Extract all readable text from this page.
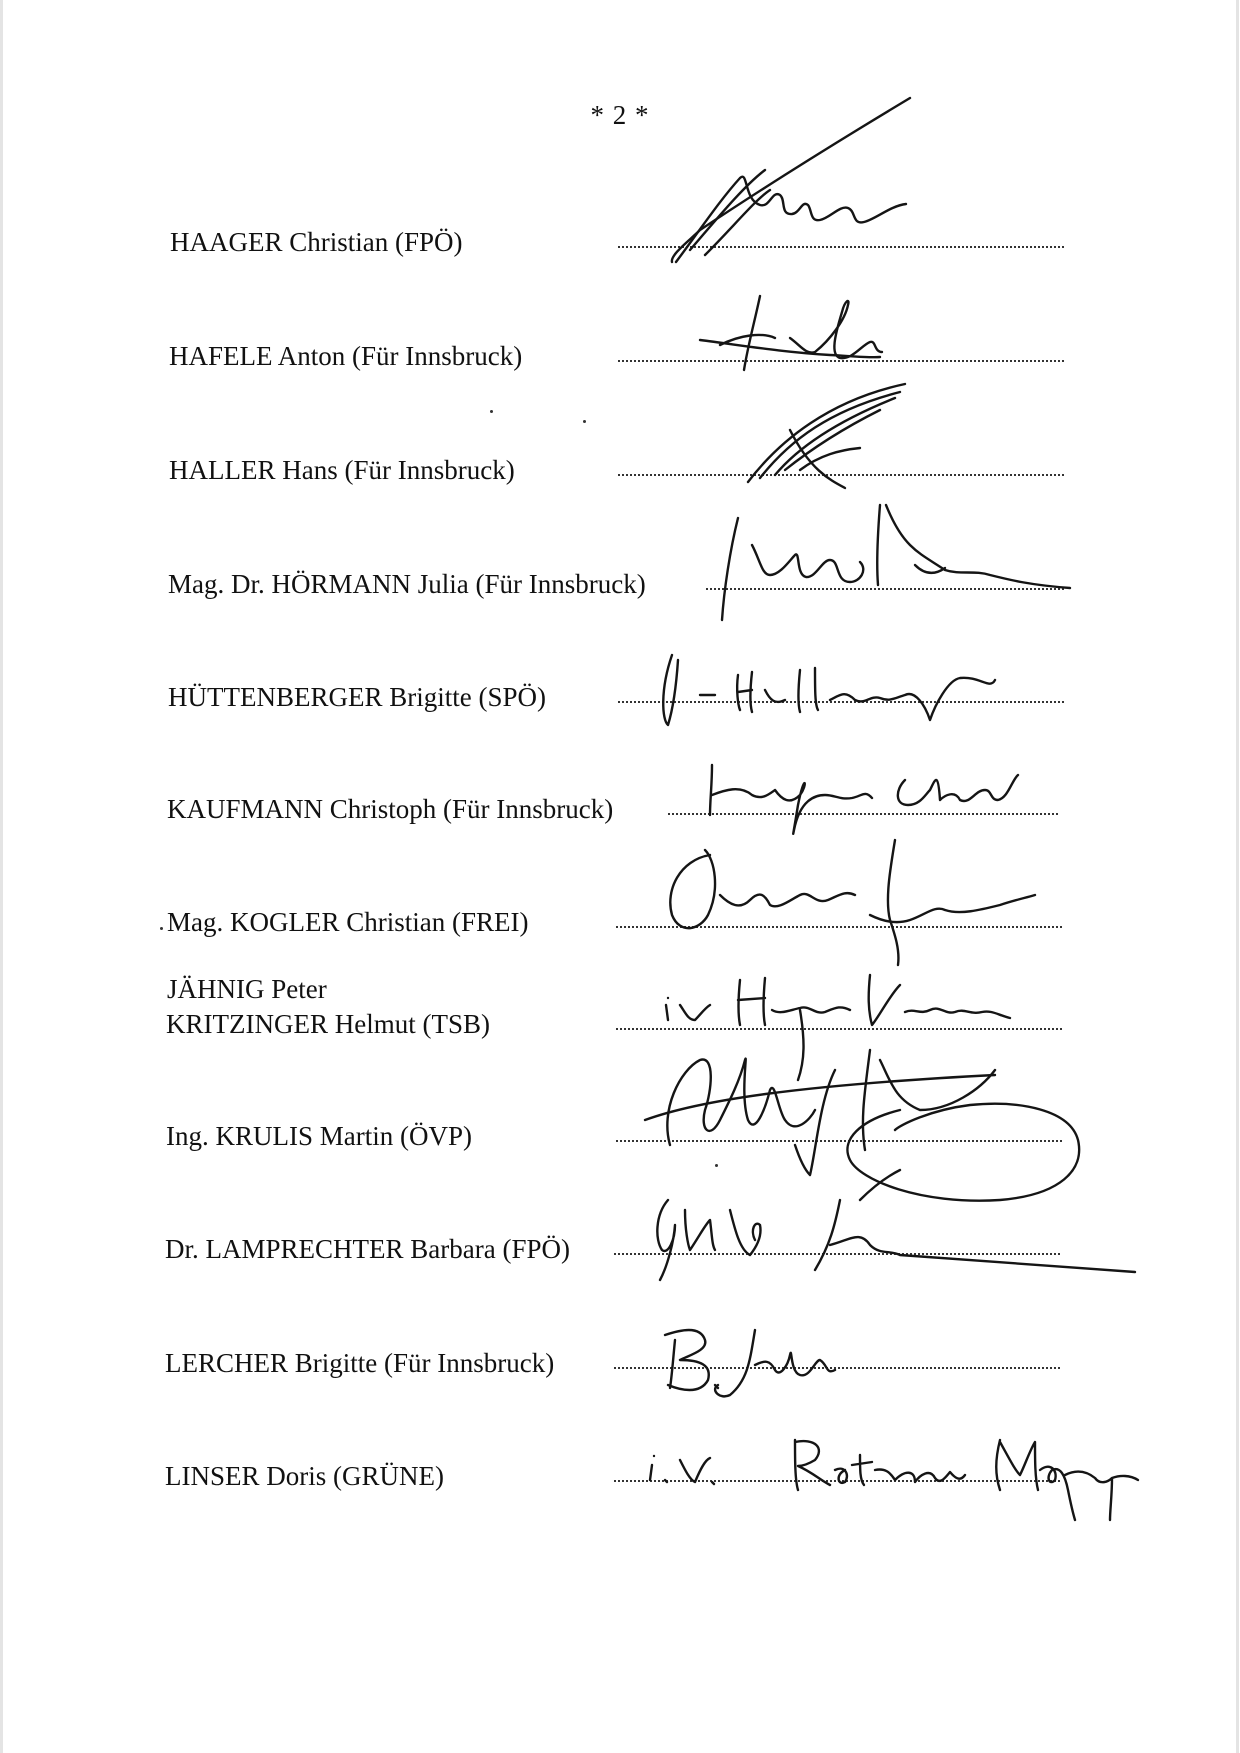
* 2 *
HAAGER Christian (FPÖ)
HAFELE Anton (Für Innsbruck)
HALLER Hans (Für Innsbruck)
Mag. Dr. HÖRMANN Julia (Für Innsbruck)
HÜTTENBERGER Brigitte (SPÖ)
KAUFMANN Christoph (Für Innsbruck)
Mag. KOGLER Christian (FREI)
JÄHNIG Peter
KRITZINGER Helmut (TSB)
Ing. KRULIS Martin (ÖVP)
Dr. LAMPRECHTER Barbara (FPÖ)
LERCHER Brigitte (Für Innsbruck)
LINSER Doris (GRÜNE)
